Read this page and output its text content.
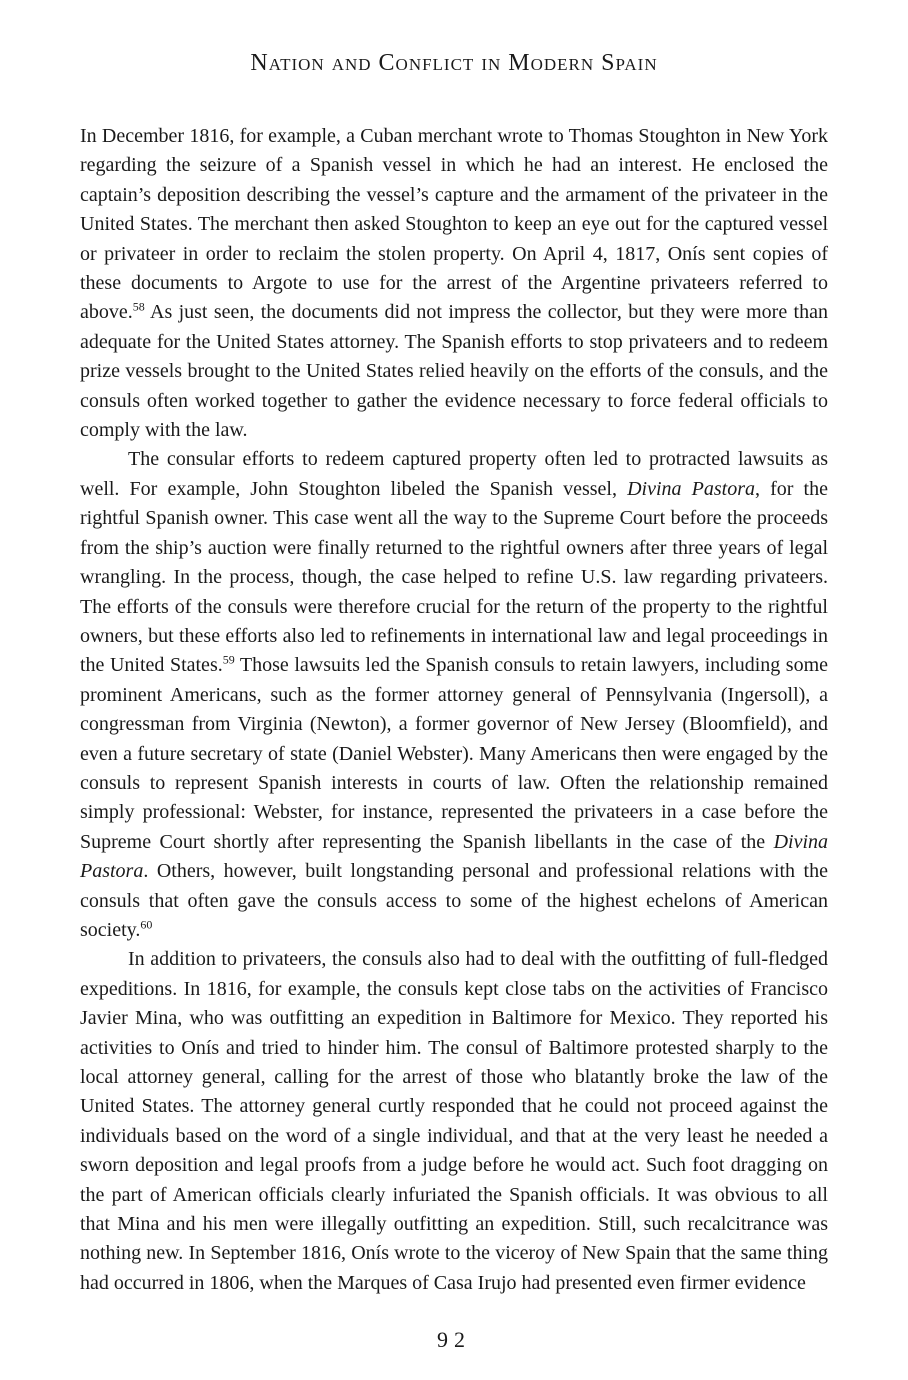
Nation and Conflict in Modern Spain

In December 1816, for example, a Cuban merchant wrote to Thomas Stoughton in New York regarding the seizure of a Spanish vessel in which he had an interest. He enclosed the captain’s deposition describing the vessel’s capture and the armament of the privateer in the United States. The merchant then asked Stoughton to keep an eye out for the captured vessel or privateer in order to reclaim the stolen property. On April 4, 1817, Onís sent copies of these documents to Argote to use for the arrest of the Argentine privateers referred to above.$^{58}$ As just seen, the documents did not impress the collector, but they were more than adequate for the United States attorney. The Spanish efforts to stop privateers and to redeem prize vessels brought to the United States relied heavily on the efforts of the consuls, and the consuls often worked together to gather the evidence necessary to force federal officials to comply with the law.

The consular efforts to redeem captured property often led to protracted lawsuits as well. For example, John Stoughton libeled the Spanish vessel, Divina Pastora, for the rightful Spanish owner. This case went all the way to the Supreme Court before the proceeds from the ship’s auction were finally returned to the rightful owners after three years of legal wrangling. In the process, though, the case helped to refine U.S. law regarding privateers. The efforts of the consuls were therefore crucial for the return of the property to the rightful owners, but these efforts also led to refinements in international law and legal proceedings in the United States.$^{59}$ Those lawsuits led the Spanish consuls to retain lawyers, including some prominent Americans, such as the former attorney general of Pennsylvania (Ingersoll), a congressman from Virginia (Newton), a former governor of New Jersey (Bloomfield), and even a future secretary of state (Daniel Webster). Many Americans then were engaged by the consuls to represent Spanish interests in courts of law. Often the relationship remained simply professional: Webster, for instance, represented the privateers in a case before the Supreme Court shortly after representing the Spanish libellants in the case of the Divina Pastora. Others, however, built longstanding personal and professional relations with the consuls that often gave the consuls access to some of the highest echelons of American society.$^{60}$

In addition to privateers, the consuls also had to deal with the outfitting of full-fledged expeditions. In 1816, for example, the consuls kept close tabs on the activities of Francisco Javier Mina, who was outfitting an expedition in Baltimore for Mexico. They reported his activities to Onís and tried to hinder him. The consul of Baltimore protested sharply to the local attorney general, calling for the arrest of those who blatantly broke the law of the United States. The attorney general curtly responded that he could not proceed against the individuals based on the word of a single individual, and that at the very least he needed a sworn deposition and legal proofs from a judge before he would act. Such foot dragging on the part of American officials clearly infuriated the Spanish officials. It was obvious to all that Mina and his men were illegally outfitting an expedition. Still, such recalcitrance was nothing new. In September 1816, Onís wrote to the viceroy of New Spain that the same thing had occurred in 1806, when the Marques of Casa Irujo had presented even firmer evidence

92
